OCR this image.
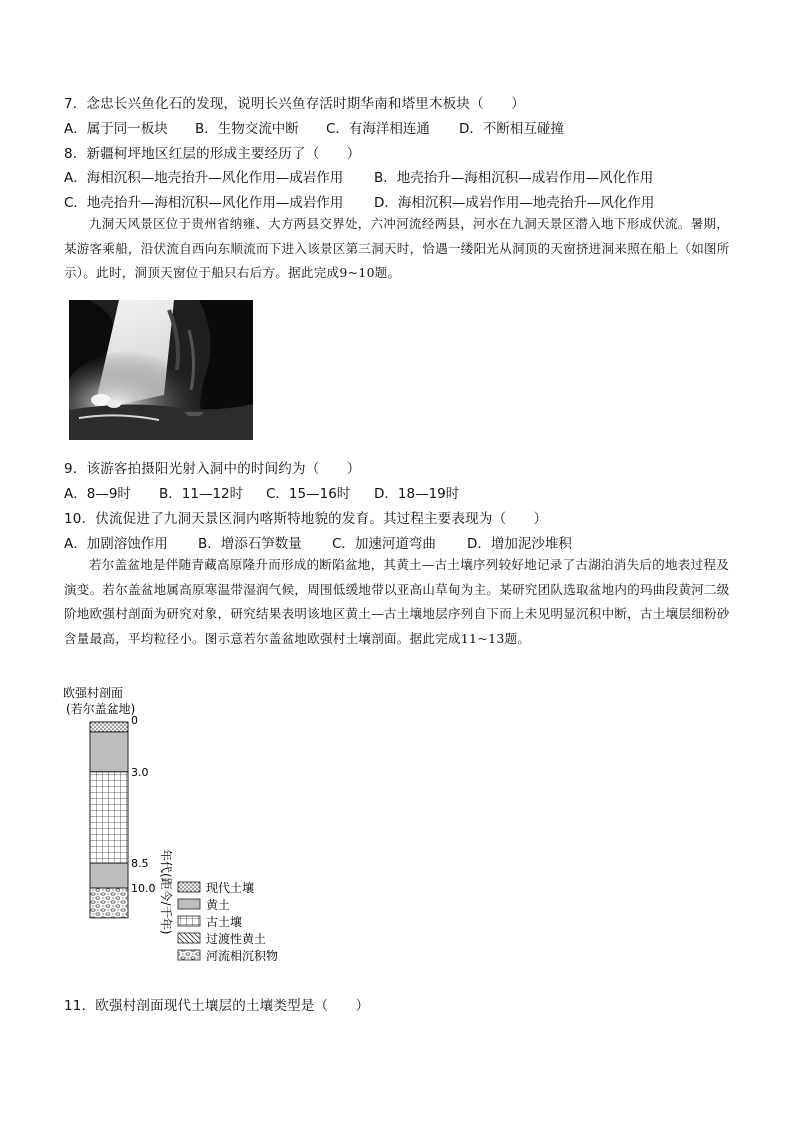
7．念忠长兴鱼化石的发现，说明长兴鱼存活时期华南和塔里木板块（　　）
A．属于同一板块 B．生物交流中断 C．有海洋相连通 D．不断相互碰撞
8．新疆柯坪地区红层的形成主要经历了（　　）
A．海相沉积—地壳抬升—风化作用—成岩作用 B．地壳抬升—海相沉积—成岩作用—风化作用
C．地壳抬升—海相沉积—风化作用—成岩作用 D．海相沉积—成岩作用—地壳抬升—风化作用
九洞天风景区位于贵州省纳雍、大方两县交界处，六冲河流经两县，河水在九洞天景区潜入地下形成伏流。暑期，某游客乘船，沿伏流自西向东顺流而下进入该景区第三洞天时，恰遇一缕阳光从洞顶的天窗挤进洞来照在船上（如图所示）。此时，洞顶天窗位于船只右后方。据此完成9~10题。
9．该游客拍摄阳光射入洞中的时间约为（　　）
A．8—9时 B．11—12时 C．15—16时 D．18—19时
10．伏流促进了九洞天景区洞内喀斯特地貌的发育。其过程主要表现为（　　）
A．加剧溶蚀作用 B．增添石笋数量 C．加速河道弯曲 D．增加泥沙堆积
若尔盖盆地是伴随青藏高原隆升而形成的断陷盆地，其黄土—古土壤序列较好地记录了古湖泊消失后的地表过程及演变。若尔盖盆地属高原寒温带湿润气候，周围低缓地带以亚高山草甸为主。某研究团队选取盆地内的玛曲段黄河二级阶地欧强村剖面为研究对象，研究结果表明该地区黄土—古土壤地层序列自下而上未见明显沉积中断，古土壤层细粉砂含量最高，平均粒径小。图示意若尔盖盆地欧强村土壤剖面。据此完成11~13题。
欧强村剖面
(若尔盖盆地)
0
3.0
8.5
10.0 年代(距今/千年)	现代土壤
黄土
古土壤
过渡性黄土
河流相沉积物
11．欧强村剖面现代土壤层的土壤类型是（　　）
